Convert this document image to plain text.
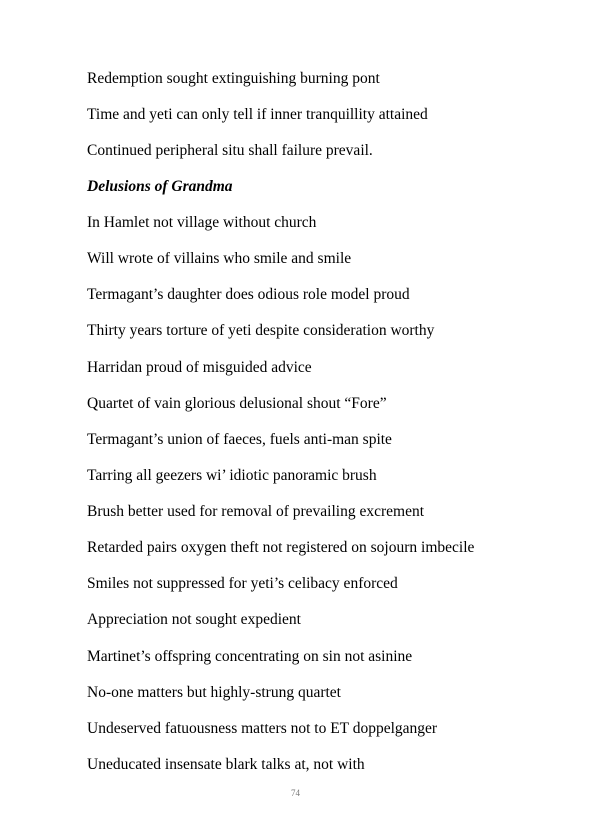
Redemption sought extinguishing burning pont
Time and yeti can only tell if inner tranquillity attained
Continued peripheral situ shall failure prevail.
Delusions of Grandma
In Hamlet not village without church
Will wrote of villains who smile and smile
Termagant’s daughter does odious role model proud
Thirty years torture of yeti despite consideration worthy
Harridan proud of misguided advice
Quartet of vain glorious delusional shout “Fore”
Termagant’s union of faeces, fuels anti-man spite
Tarring all geezers wi’ idiotic panoramic brush
Brush better used for removal of prevailing excrement
Retarded pairs oxygen theft not registered on sojourn imbecile
Smiles not suppressed for yeti’s celibacy enforced
Appreciation not sought expedient
Martinet’s offspring concentrating on sin not asinine
No-one matters but highly-strung quartet
Undeserved fatuousness matters not to ET doppelganger
Uneducated insensate blark talks at, not with
74
